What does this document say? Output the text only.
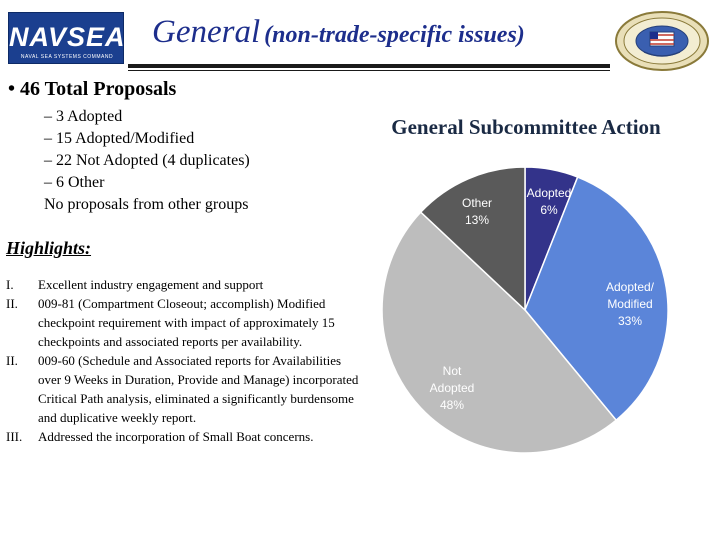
NAVSEA
NAVAL SEA SYSTEMS COMMAND
General (non-trade-specific issues)
• 46 Total Proposals
– 3 Adopted
– 15 Adopted/Modified
– 22 Not Adopted (4 duplicates)
– 6 Other
No proposals from other groups
Highlights:
I. Excellent industry engagement and support
II. 009-81 (Compartment Closeout; accomplish) Modified checkpoint requirement with impact of approximately 15 checkpoints and associated reports per availability.
II. 009-60 (Schedule and Associated reports for Availabilities over 9 Weeks in Duration, Provide and Manage) incorporated Critical Path analysis, eliminated a significantly burdensome and duplicative weekly report.
III. Addressed the incorporation of Small Boat concerns.
General Subcommittee Action
Adopted 6%
Adopted/ Modified 33%
Not Adopted 48%
Other 13%
